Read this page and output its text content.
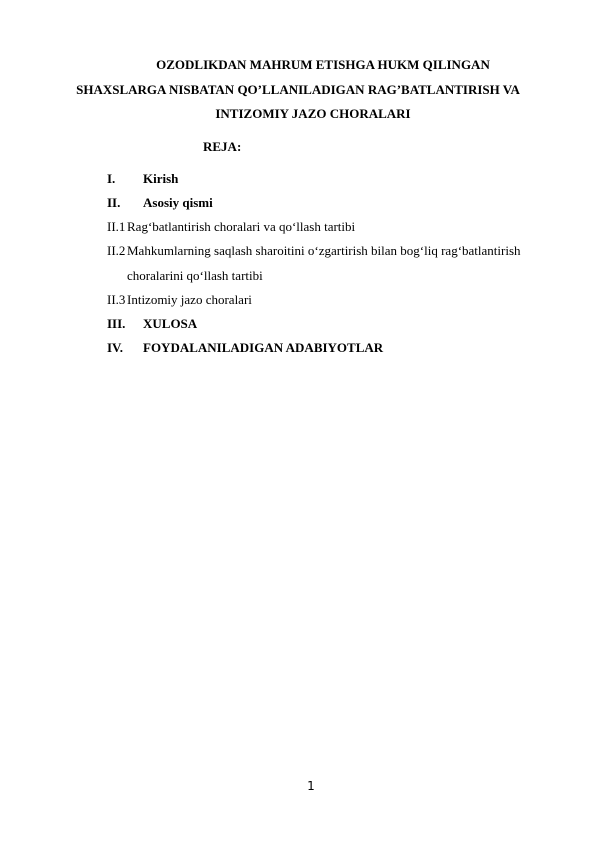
OZODLIKDAN MAHRUM ETISHGA HUKM QILINGAN
SHAXSLARGA NISBATAN QO’LLANILADIGAN RAG’BATLANTIRISH VA
INTIZOMIY JAZO CHORALARI
REJA:
I. Kirish
II. Asosiy qismi
II.1 Rag‘batlantirish choralari va qo‘llash tartibi
II.2 Mahkumlarning saqlash sharoitini o‘zgartirish bilan bog‘liq rag‘batlantirish
choralarini qo‘llash tartibi
II.3 Intizomiy jazo choralari
III. XULOSA
IV. FOYDALANILADIGAN ADABIYOTLAR
1
